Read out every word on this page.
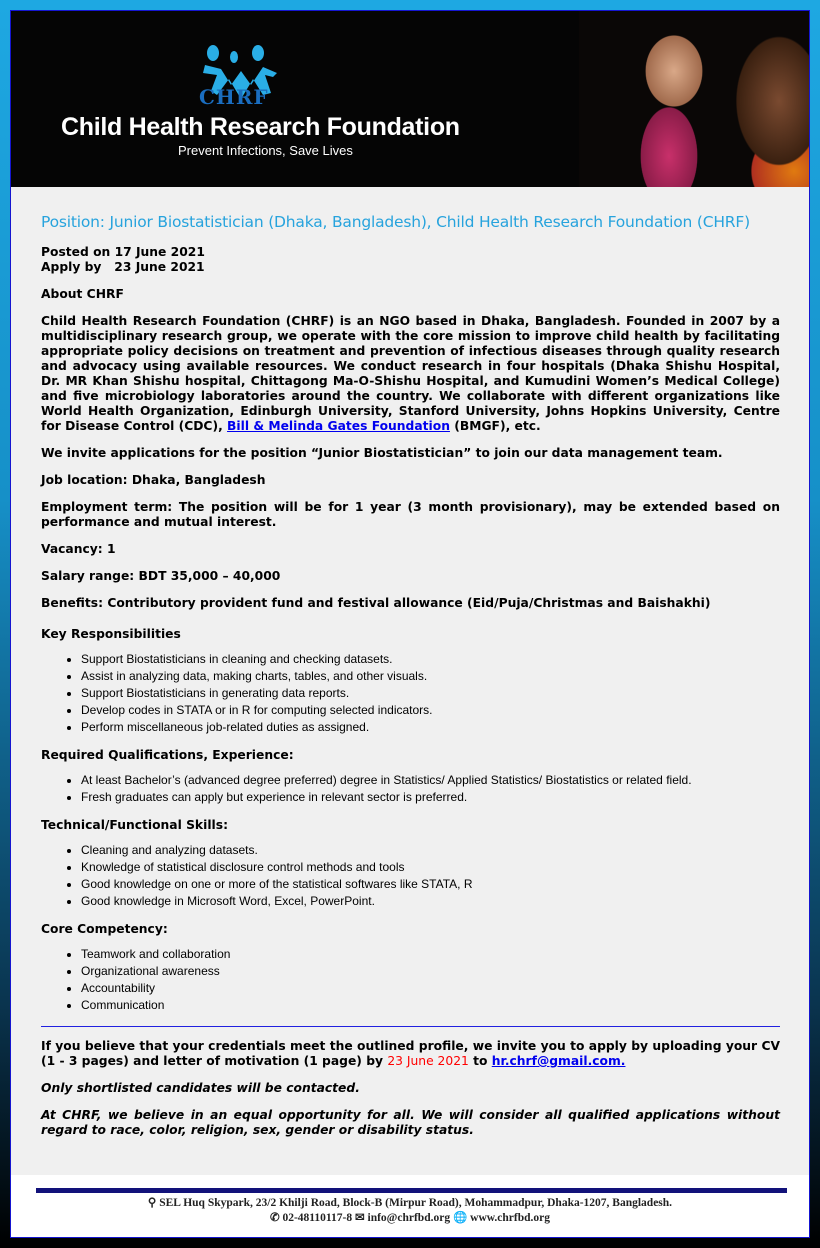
CHRF
Child Health Research Foundation
Prevent Infections, Save Lives
Position: Junior Biostatistician (Dhaka, Bangladesh), Child Health Research Foundation (CHRF)

Posted on 17 June 2021

Apply by   23 June 2021

About CHRF

Child Health Research Foundation (CHRF) is an NGO based in Dhaka, Bangladesh. Founded in 2007 by a multidisciplinary research group, we operate with the core mission to improve child health by facilitating appropriate policy decisions on treatment and prevention of infectious diseases through quality research and advocacy using available resources. We conduct research in four hospitals (Dhaka Shishu Hospital, Dr. MR Khan Shishu hospital, Chittagong Ma-O-Shishu Hospital, and Kumudini Women’s Medical College) and five microbiology laboratories around the country. We collaborate with different organizations like World Health Organization, Edinburgh University, Stanford University, Johns Hopkins University, Centre for Disease Control (CDC), Bill & Melinda Gates Foundation (BMGF), etc.

We invite applications for the position “Junior Biostatistician” to join our data management team.

Job location: Dhaka, Bangladesh

Employment term: The position will be for 1 year (3 month provisionary), may be extended based on performance and mutual interest.

Vacancy: 1

Salary range: BDT 35,000 – 40,000

Benefits: Contributory provident fund and festival allowance (Eid/Puja/Christmas and Baishakhi)

Key Responsibilities
• Support Biostatisticians in cleaning and checking datasets.
• Assist in analyzing data, making charts, tables, and other visuals.
• Support Biostatisticians in generating data reports.
• Develop codes in STATA or in R for computing selected indicators.
• Perform miscellaneous job-related duties as assigned.
Required Qualifications, Experience:
• At least Bachelor’s (advanced degree preferred) degree in Statistics/ Applied Statistics/ Biostatistics or related field.
• Fresh graduates can apply but experience in relevant sector is preferred.
Technical/Functional Skills:
• Cleaning and analyzing datasets.
• Knowledge of statistical disclosure control methods and tools
• Good knowledge on one or more of the statistical softwares like STATA, R
• Good knowledge in Microsoft Word, Excel, PowerPoint.
Core Competency:
• Teamwork and collaboration
• Organizational awareness
• Accountability
• Communication

If you believe that your credentials meet the outlined profile, we invite you to apply by uploading your CV (1 - 3 pages) and letter of motivation (1 page) by 23 June 2021 to hr.chrf@gmail.com.

Only shortlisted candidates will be contacted.

At CHRF, we believe in an equal opportunity for all. We will consider all qualified applications without regard to race, color, religion, sex, gender or disability status.

⚲ SEL Huq Skypark, 23/2 Khilji Road, Block-B (Mirpur Road), Mohammadpur, Dhaka-1207, Bangladesh.
✆ 02-48110117-8 ✉ info@chrfbd.org 🌐 www.chrfbd.org
